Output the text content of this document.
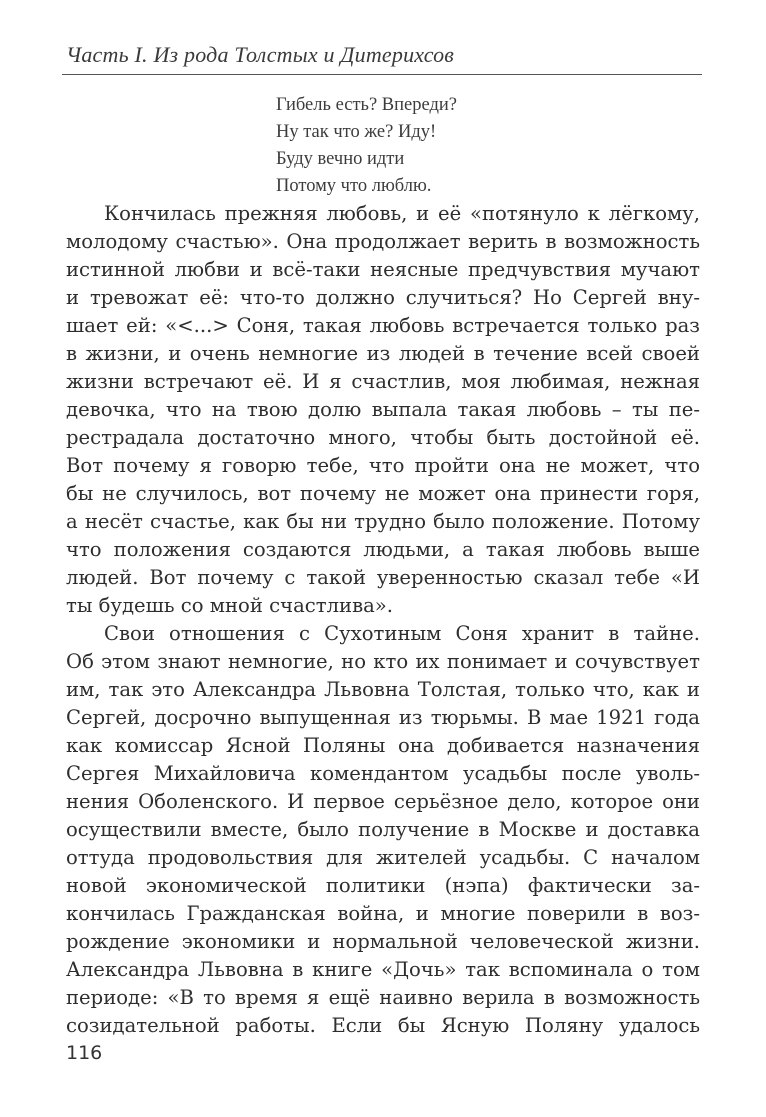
Часть I. Из рода Толстых и Дитерихсов
Гибель есть? Впереди?
Ну так что же? Иду!
Буду вечно идти
Потому что люблю.
Кончилась прежняя любовь, и её «потянуло к лёгкому,
молодому счастью». Она продолжает верить в возможность
истинной любви и всё-таки неясные предчувствия мучают
и тревожат её: что-то должно случиться? Но Сергей вну-
шает ей: «<...> Соня, такая любовь встречается только раз
в жизни, и очень немногие из людей в течение всей своей
жизни встречают её. И я счастлив, моя любимая, нежная
девочка, что на твою долю выпала такая любовь – ты пе-
рестрадала достаточно много, чтобы быть достойной её.
Вот почему я говорю тебе, что пройти она не может, что
бы не случилось, вот почему не может она принести горя,
а несёт счастье, как бы ни трудно было положение. Потому
что положения создаются людьми, а такая любовь выше
людей. Вот почему с такой уверенностью сказал тебе «И
ты будешь со мной счастлива».
Свои отношения с Сухотиным Соня хранит в тайне.
Об этом знают немногие, но кто их понимает и сочувствует
им, так это Александра Львовна Толстая, только что, как и
Сергей, досрочно выпущенная из тюрьмы. В мае 1921 года
как комиссар Ясной Поляны она добивается назначения
Сергея Михайловича комендантом усадьбы после уволь-
нения Оболенского. И первое серьёзное дело, которое они
осуществили вместе, было получение в Москве и доставка
оттуда продовольствия для жителей усадьбы. С началом
новой экономической политики (нэпа) фактически за-
кончилась Гражданская война, и многие поверили в воз-
рождение экономики и нормальной человеческой жизни.
Александра Львовна в книге «Дочь» так вспоминала о том
периоде: «В то время я ещё наивно верила в возможность
созидательной работы. Если бы Ясную Поляну удалось
116
